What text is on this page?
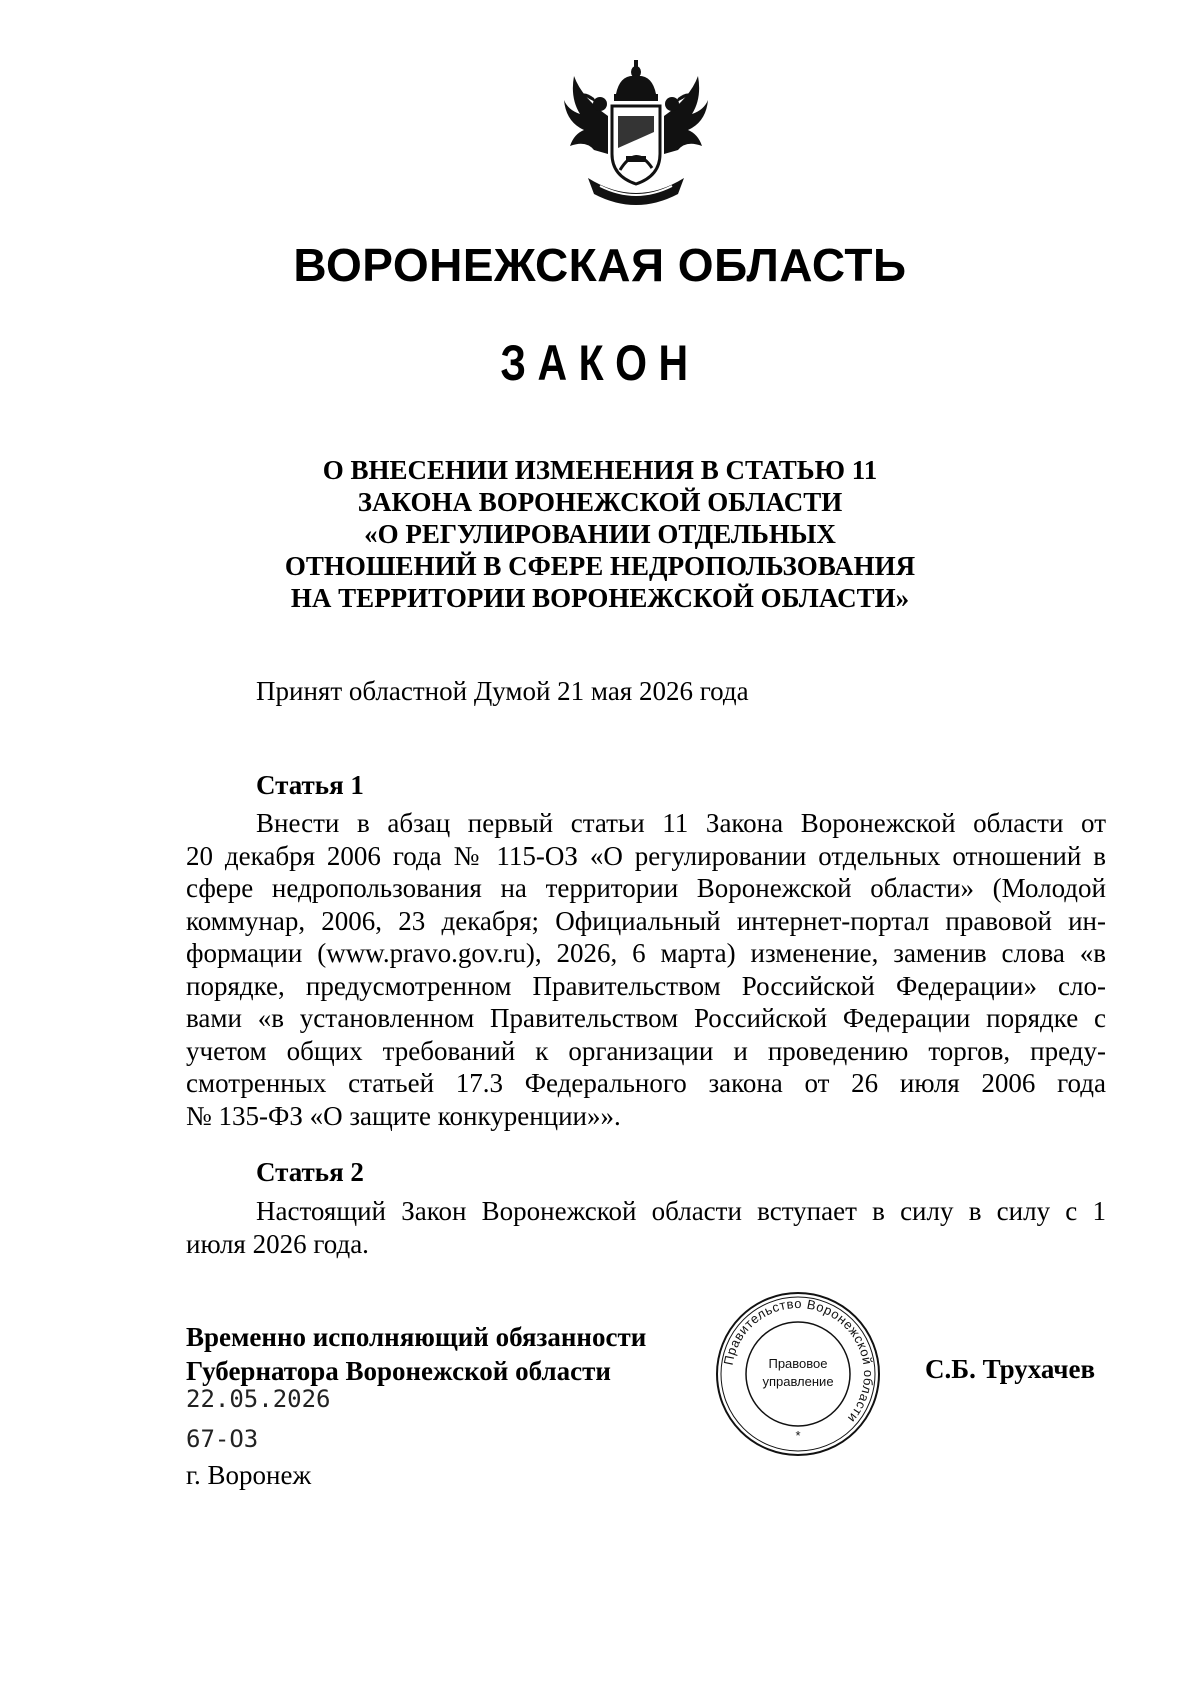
ВОРОНЕЖСКАЯ ОБЛАСТЬ
ЗАКОН
О ВНЕСЕНИИ ИЗМЕНЕНИЯ В СТАТЬЮ 11
ЗАКОНА ВОРОНЕЖСКОЙ ОБЛАСТИ
«О РЕГУЛИРОВАНИИ ОТДЕЛЬНЫХ
ОТНОШЕНИЙ В СФЕРЕ НЕДРОПОЛЬЗОВАНИЯ
НА ТЕРРИТОРИИ ВОРОНЕЖСКОЙ ОБЛАСТИ»
Принят областной Думой 21 мая 2026 года
Статья 1
Внести в абзац первый статьи 11 Закона Воронежской области от
20 декабря 2006 года № 115-ОЗ «О регулировании отдельных отношений в
сфере недропользования на территории Воронежской области» (Молодой
коммунар, 2006, 23 декабря; Официальный интернет-портал правовой ин-
формации (www.pravo.gov.ru), 2026, 6 марта) изменение, заменив слова «в
порядке, предусмотренном Правительством Российской Федерации» сло-
вами «в установленном Правительством Российской Федерации порядке с
учетом общих требований к организации и проведению торгов, преду-
смотренных статьей 17.3 Федерального закона от 26 июля 2006 года
№ 135-ФЗ «О защите конкуренции»».
Статья 2
Настоящий Закон Воронежской области вступает в силу в силу с 1
июля 2026 года.
Временно исполняющий обязанности
Губернатора Воронежской области	С.Б. Трухачев
22.05.2026
67-ОЗ
г. Воронеж
Правительство Воронежской области
Правовое
управление
*
